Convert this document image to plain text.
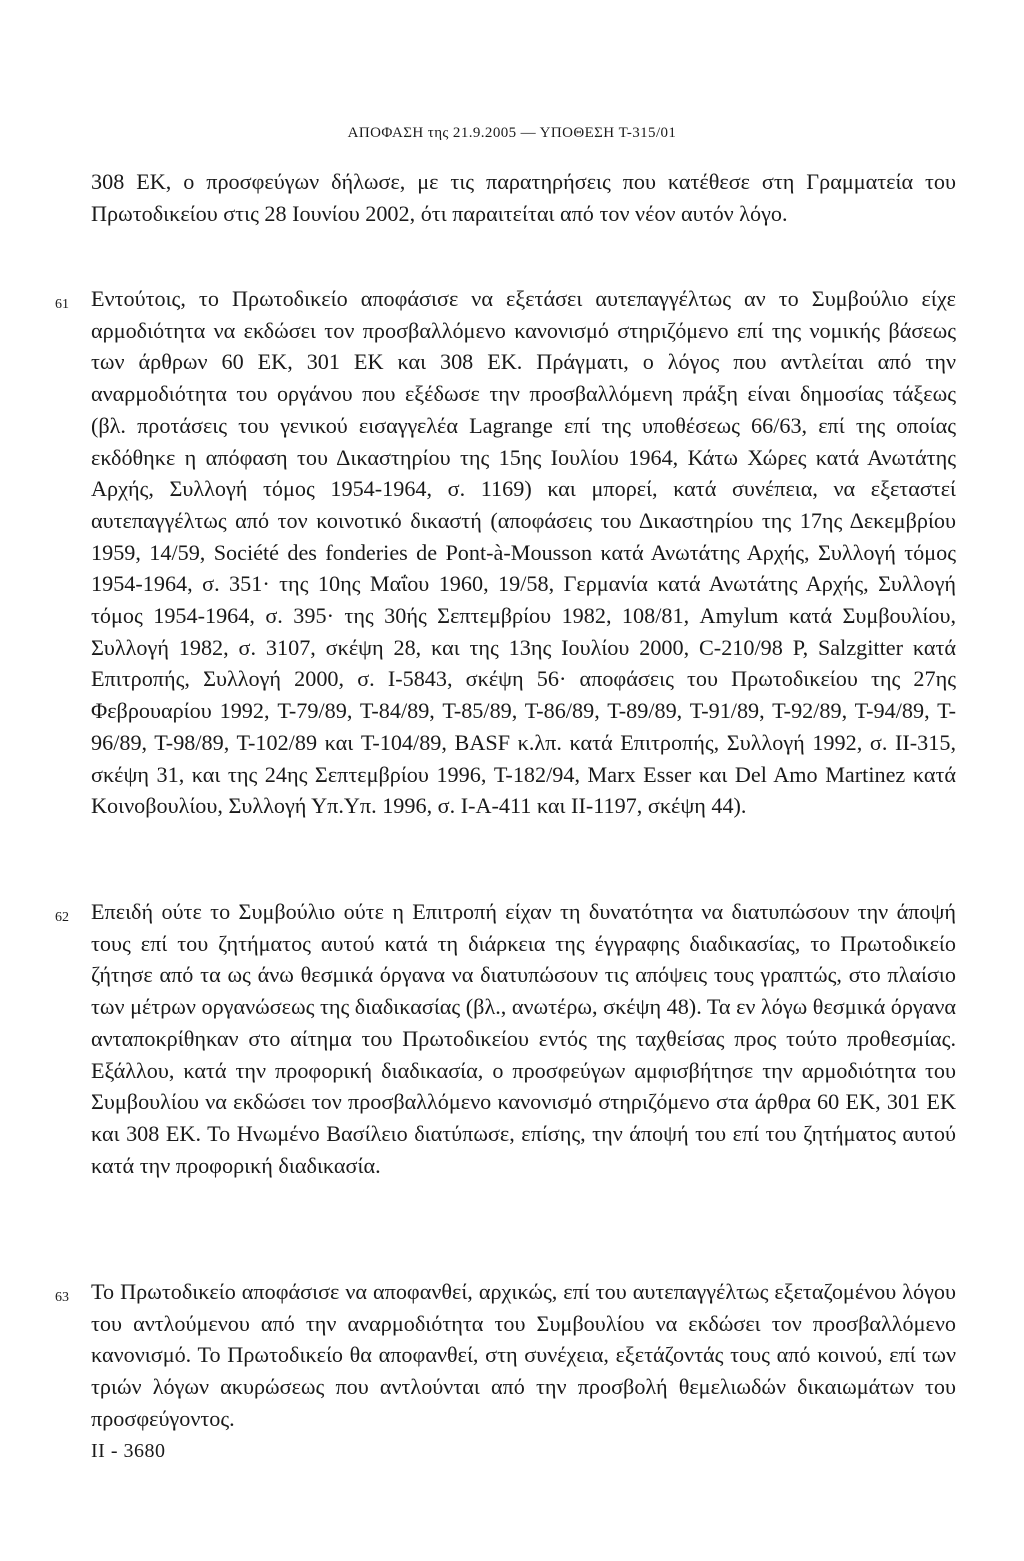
ΑΠΟΦΑΣΗ της 21.9.2005 — ΥΠΟΘΕΣΗ T-315/01

308 ΕΚ, ο προσφεύγων δήλωσε, με τις παρατηρήσεις που κατέθεσε στη Γραμματεία του Πρωτοδικείου στις 28 Ιουνίου 2002, ότι παραιτείται από τον νέον αυτόν λόγο.

61 Εντούτοις, το Πρωτοδικείο αποφάσισε να εξετάσει αυτεπαγγέλτως αν το Συμβούλιο είχε αρμοδιότητα να εκδώσει τον προσβαλλόμενο κανονισμό στηριζόμενο επί της νομικής βάσεως των άρθρων 60 ΕΚ, 301 ΕΚ και 308 ΕΚ. Πράγματι, ο λόγος που αντλείται από την αναρμοδιότητα του οργάνου που εξέδωσε την προσβαλλόμενη πράξη είναι δημοσίας τάξεως (βλ. προτάσεις του γενικού εισαγγελέα Lagrange επί της υποθέσεως 66/63, επί της οποίας εκδόθηκε η απόφαση του Δικαστηρίου της 15ης Ιουλίου 1964, Κάτω Χώρες κατά Ανωτάτης Αρχής, Συλλογή τόμος 1954-1964, σ. 1169) και μπορεί, κατά συνέπεια, να εξεταστεί αυτεπαγγέλτως από τον κοινοτικό δικαστή (αποφάσεις του Δικαστηρίου της 17ης Δεκεμβρίου 1959, 14/59, Société des fonderies de Pont-à-Mousson κατά Ανωτάτης Αρχής, Συλλογή τόμος 1954-1964, σ. 351· της 10ης Μαΐου 1960, 19/58, Γερμανία κατά Ανωτάτης Αρχής, Συλλογή τόμος 1954-1964, σ. 395· της 30ής Σεπτεμβρίου 1982, 108/81, Amylum κατά Συμβουλίου, Συλλογή 1982, σ. 3107, σκέψη 28, και της 13ης Ιουλίου 2000, C-210/98 P, Salzgitter κατά Επιτροπής, Συλλογή 2000, σ. I-5843, σκέψη 56· αποφάσεις του Πρωτοδικείου της 27ης Φεβρουαρίου 1992, T-79/89, T-84/89, T-85/89, T-86/89, T-89/89, T-91/89, T-92/89, T-94/89, T-96/89, T-98/89, T-102/89 και T-104/89, BASF κ.λπ. κατά Επιτροπής, Συλλογή 1992, σ. II-315, σκέψη 31, και της 24ης Σεπτεμβρίου 1996, T-182/94, Marx Esser και Del Amo Martinez κατά Κοινοβουλίου, Συλλογή Υπ.Υπ. 1996, σ. I-A-411 και II-1197, σκέψη 44).

62 Επειδή ούτε το Συμβούλιο ούτε η Επιτροπή είχαν τη δυνατότητα να διατυπώσουν την άποψή τους επί του ζητήματος αυτού κατά τη διάρκεια της έγγραφης διαδικασίας, το Πρωτοδικείο ζήτησε από τα ως άνω θεσμικά όργανα να διατυπώσουν τις απόψεις τους γραπτώς, στο πλαίσιο των μέτρων οργανώσεως της διαδικασίας (βλ., ανωτέρω, σκέψη 48). Τα εν λόγω θεσμικά όργανα ανταποκρίθηκαν στο αίτημα του Πρωτοδικείου εντός της ταχθείσας προς τούτο προθεσμίας. Εξάλλου, κατά την προφορική διαδικασία, ο προσφεύγων αμφισβήτησε την αρμοδιότητα του Συμβουλίου να εκδώσει τον προσβαλλόμενο κανονισμό στηριζόμενο στα άρθρα 60 ΕΚ, 301 ΕΚ και 308 ΕΚ. Το Ηνωμένο Βασίλειο διατύπωσε, επίσης, την άποψή του επί του ζητήματος αυτού κατά την προφορική διαδικασία.

63 Το Πρωτοδικείο αποφάσισε να αποφανθεί, αρχικώς, επί του αυτεπαγγέλτως εξεταζομένου λόγου του αντλούμενου από την αναρμοδιότητα του Συμβουλίου να εκδώσει τον προσβαλλόμενο κανονισμό. Το Πρωτοδικείο θα αποφανθεί, στη συνέχεια, εξετάζοντάς τους από κοινού, επί των τριών λόγων ακυρώσεως που αντλούνται από την προσβολή θεμελιωδών δικαιωμάτων του προσφεύγοντος.

II - 3680
